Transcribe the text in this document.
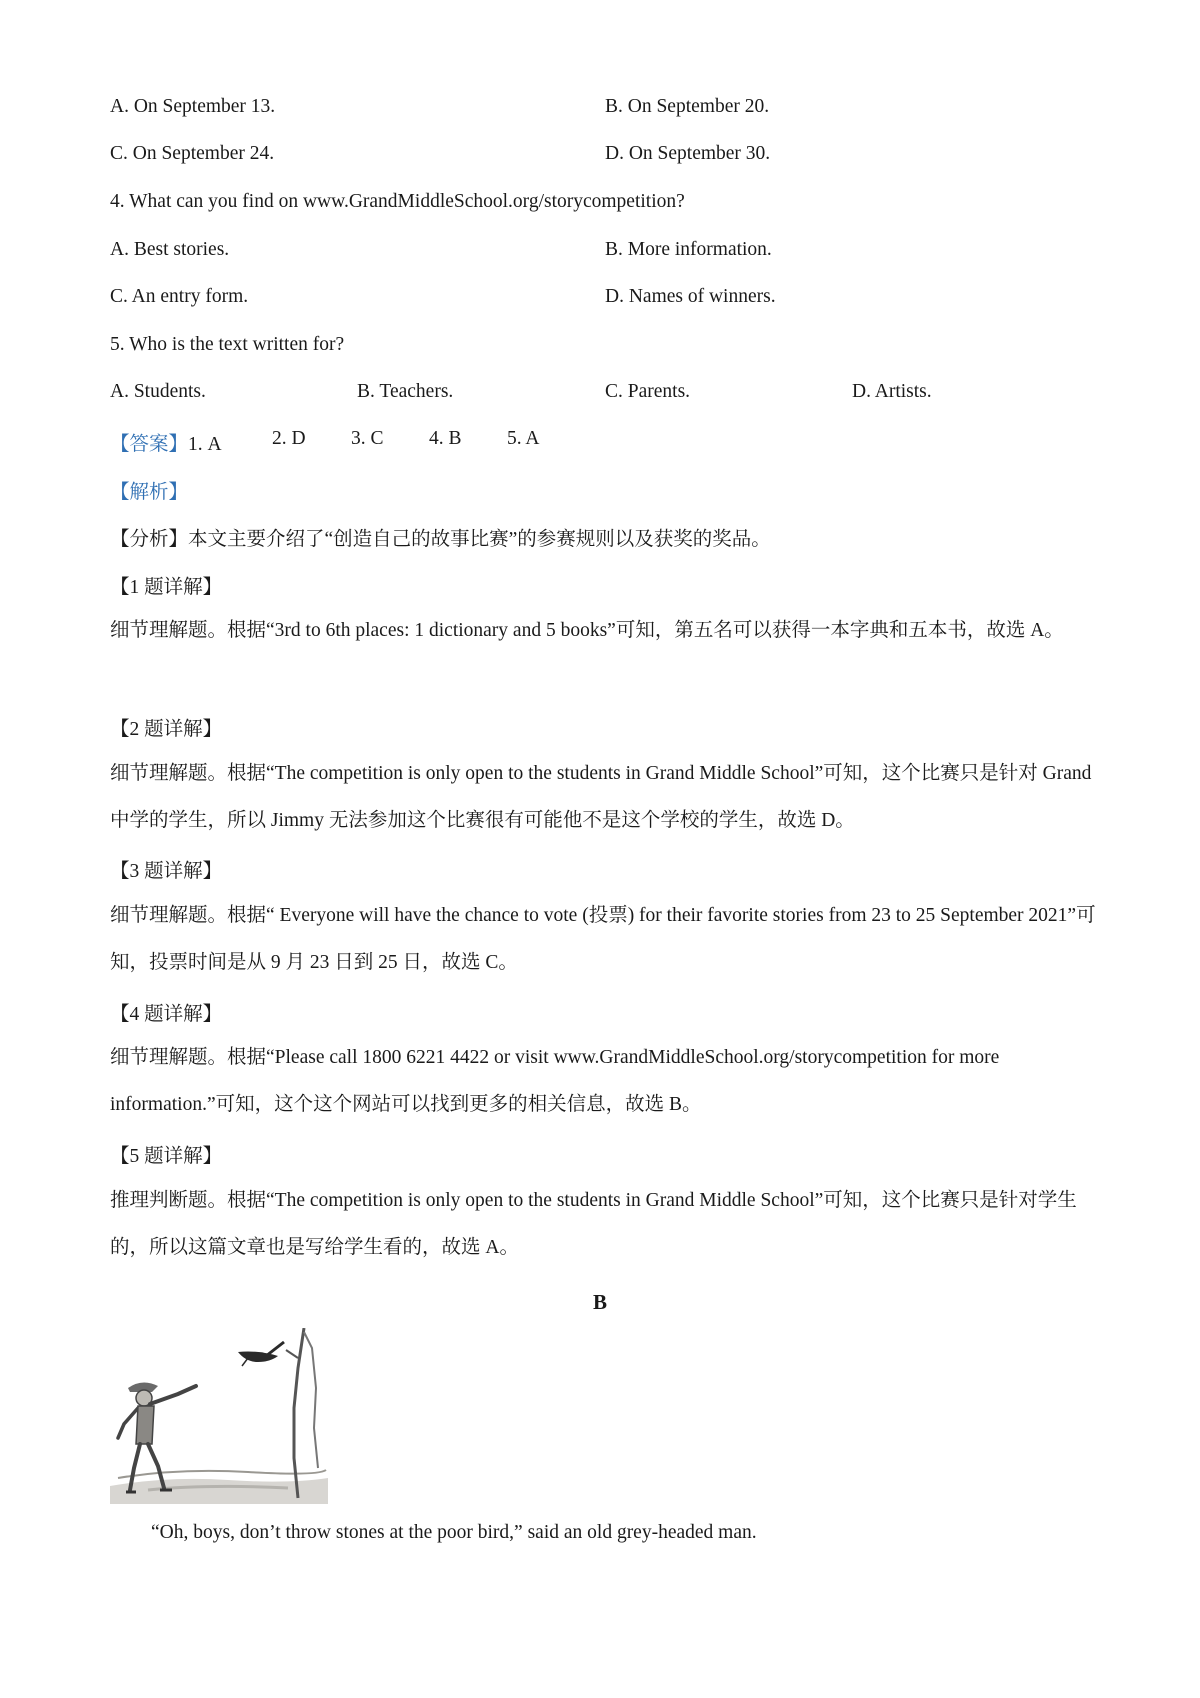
A. On September 13.	B. On September 20.
C. On September 24.	D. On September 30.
4. What can you find on www.GrandMiddleSchool.org/storycompetition?
A. Best stories.	B. More information.
C. An entry form.	D. Names of winners.
5. Who is the text written for?
A. Students.	B. Teachers.	C. Parents.	D. Artists.
【答案】1. A	2. D 3. C 4. B 5. A
【解析】
【分析】本文主要介绍了“创造自己的故事比赛”的参赛规则以及获奖的奖品。
【1 题详解】
细节理解题。根据“3rd to 6th places: 1 dictionary and 5 books”可知，第五名可以获得一本字典和五本书，故选 A。
【2 题详解】
细节理解题。根据“The competition is only open to the students in Grand Middle School”可知，这个比赛只是针对 Grand 中学的学生，所以 Jimmy 无法参加这个比赛很有可能他不是这个学校的学生，故选 D。
【3 题详解】
细节理解题。根据“ Everyone will have the chance to vote (投票) for their favorite stories from 23 to 25 September 2021”可知，投票时间是从 9 月 23 日到 25 日，故选 C。
【4 题详解】
细节理解题。根据“Please call 1800 6221 4422 or visit www.GrandMiddleSchool.org/storycompetition for more information.”可知，这个这个网站可以找到更多的相关信息，故选 B。
【5 题详解】
推理判断题。根据“The competition is only open to the students in Grand Middle School”可知，这个比赛只是针对学生的，所以这篇文章也是写给学生看的，故选 A。
B
“Oh, boys, don’t throw stones at the poor bird,” said an old grey-headed man.
